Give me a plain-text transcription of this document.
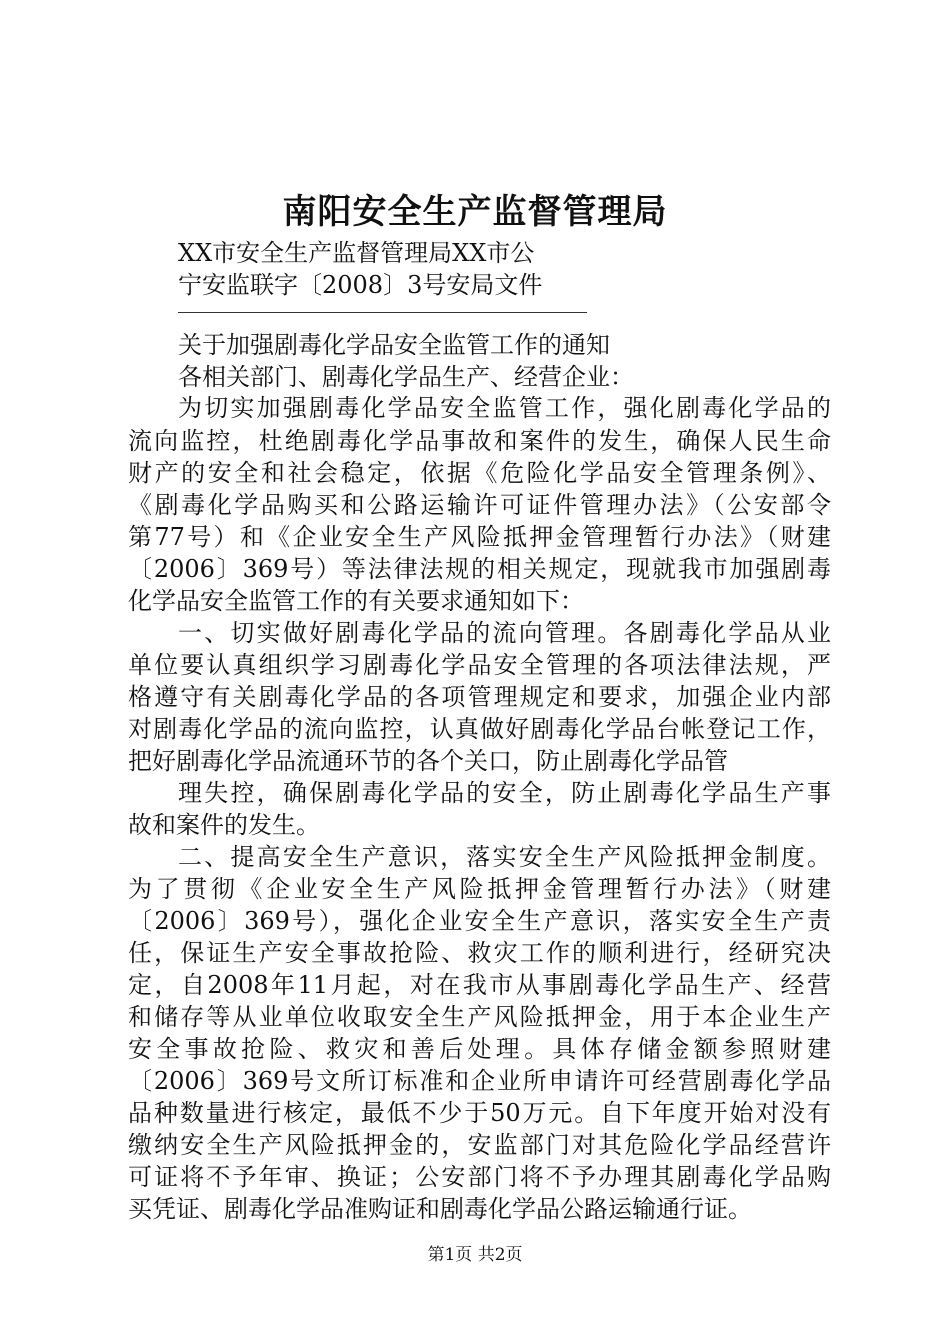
南阳安全生产监督管理局

XX市安全生产监督管理局XX市公

宁安监联字〔2008〕3号安局文件

关于加强剧毒化学品安全监管工作的通知

各相关部门、剧毒化学品生产、经营企业：

为切实加强剧毒化学品安全监管工作，强化剧毒化学品的

流向监控，杜绝剧毒化学品事故和案件的发生，确保人民生命

财产的安全和社会稳定，依据《危险化学品安全管理条例》、

《剧毒化学品购买和公路运输许可证件管理办法》（公安部令

第77号）和《企业安全生产风险抵押金管理暂行办法》（财建

〔2006〕369号）等法律法规的相关规定，现就我市加强剧毒

化学品安全监管工作的有关要求通知如下：

一、切实做好剧毒化学品的流向管理。各剧毒化学品从业

单位要认真组织学习剧毒化学品安全管理的各项法律法规，严

格遵守有关剧毒化学品的各项管理规定和要求，加强企业内部

对剧毒化学品的流向监控，认真做好剧毒化学品台帐登记工作，

把好剧毒化学品流通环节的各个关口，防止剧毒化学品管

理失控，确保剧毒化学品的安全，防止剧毒化学品生产事

故和案件的发生。

二、提高安全生产意识，落实安全生产风险抵押金制度。

为了贯彻《企业安全生产风险抵押金管理暂行办法》（财建

〔2006〕369号），强化企业安全生产意识，落实安全生产责

任，保证生产安全事故抢险、救灾工作的顺利进行，经研究决

定，自2008年11月起，对在我市从事剧毒化学品生产、经营

和储存等从业单位收取安全生产风险抵押金，用于本企业生产

安全事故抢险、救灾和善后处理。具体存储金额参照财建

〔2006〕369号文所订标准和企业所申请许可经营剧毒化学品

品种数量进行核定，最低不少于50万元。自下年度开始对没有

缴纳安全生产风险抵押金的，安监部门对其危险化学品经营许

可证将不予年审、换证；公安部门将不予办理其剧毒化学品购

买凭证、剧毒化学品准购证和剧毒化学品公路运输通行证。

第1页 共2页
